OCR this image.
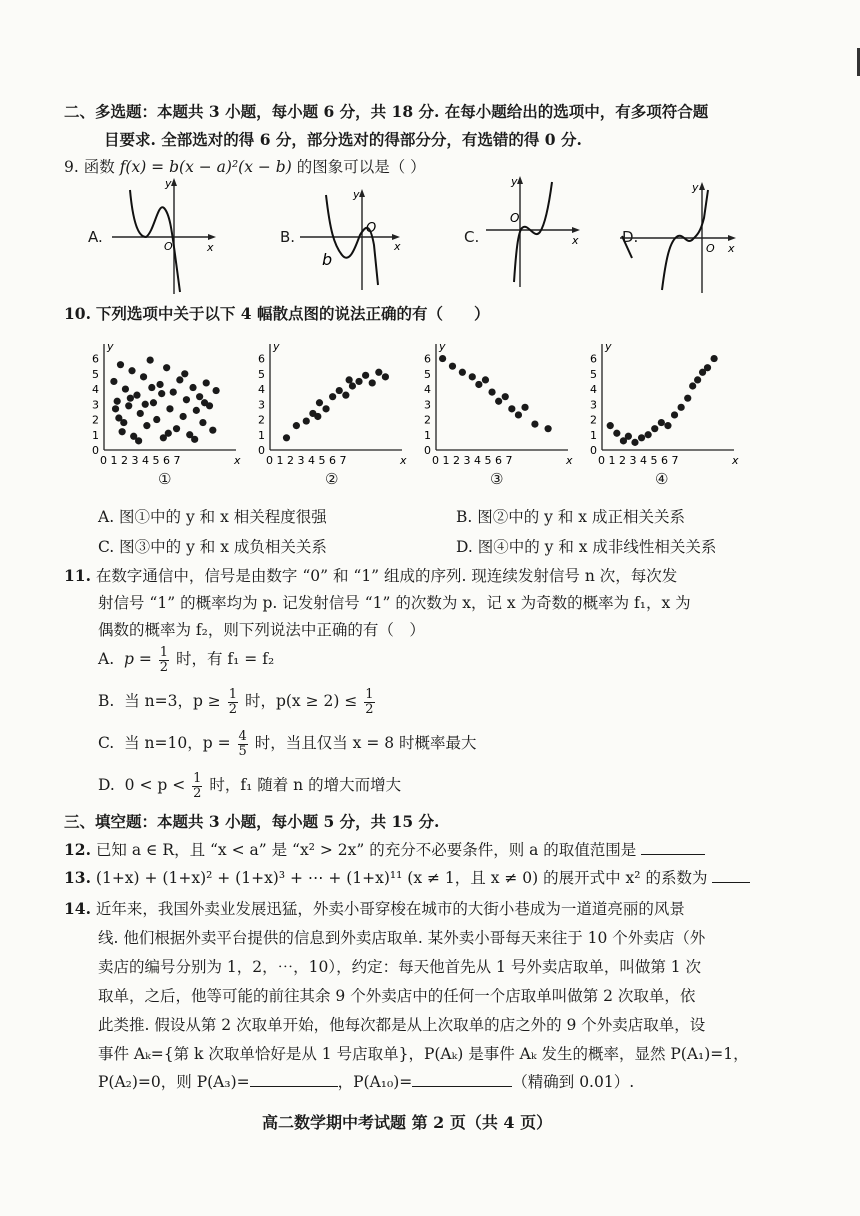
二、多选题：本题共 3 小题，每小题 6 分，共 18 分. 在每小题给出的选项中，有多项符合题
目要求. 全部选对的得 6 分，部分选对的得部分分，有选错的得 0 分.
9. 函数 f(x) = b(x − a)²(x − b) 的图象可以是（ ）
A.
y
x
O
B.
y
x
O
b
C.
y
x
O
D.
y
x
O
10. 下列选项中关于以下 4 幅散点图的说法正确的有（　　）
6
5
4
3
2
1
0
0 1 2 3 4 5 6 7	x
y
6
5
4
3
2
1
0
0 1 2 3 4 5 6 7	x
y
6
5
4
3
2
1
0
0 1 2 3 4 5 6 7	x
y
6
5
4
3
2
1
0
0 1 2 3 4 5 6 7	x
y
①	②	③	④
A. 图①中的 y 和 x 相关程度很强	B. 图②中的 y 和 x 成正相关关系
C. 图③中的 y 和 x 成负相关关系	D. 图④中的 y 和 x 成非线性相关关系
11. 在数字通信中，信号是由数字 “0” 和 “1” 组成的序列. 现连续发射信号 n 次，每次发
射信号 “1” 的概率均为 p. 记发射信号 “1” 的次数为 x，记 x 为奇数的概率为 f₁，x 为
偶数的概率为 f₂，则下列说法中正确的有（　）
A. $p = \frac{1}{2}$ 时，有 f₁ = f₂
B. 当 n=3，$p \ge \frac{1}{2}$ 时，$p(x \ge 2) \le \frac{1}{2}$
C. 当 n=10，$p = \frac{4}{5}$ 时，当且仅当 x = 8 时概率最大
D. $0 < p < \frac{1}{2}$ 时，f₁ 随着 n 的增大而增大
三、填空题：本题共 3 小题，每小题 5 分，共 15 分.
12. 已知 a ∈ R，且 “x < a” 是 “x² > 2x” 的充分不必要条件，则 a 的取值范围是
13. (1+x) + (1+x)² + (1+x)³ + ⋯ + (1+x)¹¹ (x ≠ 1，且 x ≠ 0) 的展开式中 x² 的系数为
14. 近年来，我国外卖业发展迅猛，外卖小哥穿梭在城市的大街小巷成为一道道亮丽的风景
线. 他们根据外卖平台提供的信息到外卖店取单. 某外卖小哥每天来往于 10 个外卖店（外
卖店的编号分别为 1，2，⋯，10），约定：每天他首先从 1 号外卖店取单，叫做第 1 次
取单，之后，他等可能的前往其余 9 个外卖店中的任何一个店取单叫做第 2 次取单，依
此类推. 假设从第 2 次取单开始，他每次都是从上次取单的店之外的 9 个外卖店取单，设
事件 Aₖ={第 k 次取单恰好是从 1 号店取单}，P(Aₖ) 是事件 Aₖ 发生的概率，显然 P(A₁)=1，
P(A₂)=0，则 P(A₃)=	，P(A₁₀)=	（精确到 0.01）.
高二数学期中考试题 第 2 页（共 4 页）
